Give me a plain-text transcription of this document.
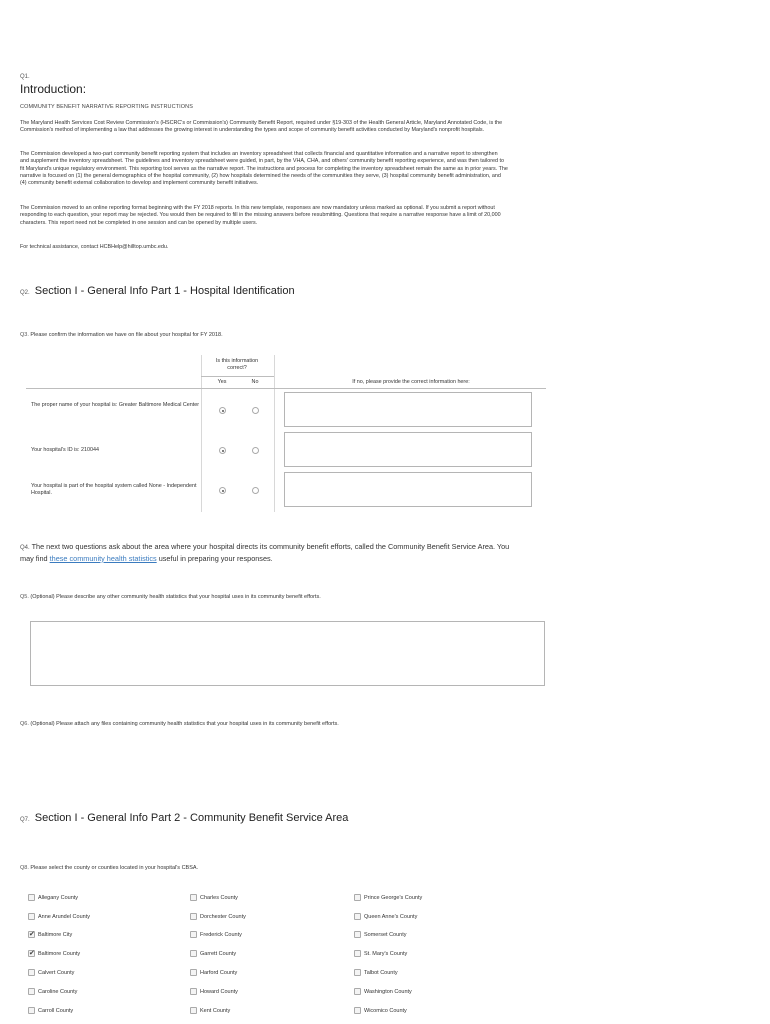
Q1.
Introduction:
COMMUNITY BENEFIT NARRATIVE REPORTING INSTRUCTIONS
The Maryland Health Services Cost Review Commission's (HSCRC's or Commission's) Community Benefit Report, required under §19-303 of the Health General Article, Maryland Annotated Code, is the Commission's method of implementing a law that addresses the growing interest in understanding the types and scope of community benefit activities conducted by Maryland's nonprofit hospitals.
The Commission developed a two-part community benefit reporting system that includes an inventory spreadsheet that collects financial and quantitative information and a narrative report to strengthen and supplement the inventory spreadsheet. The guidelines and inventory spreadsheet were guided, in part, by the VHA, CHA, and others' community benefit reporting experience, and was then tailored to fit Maryland's unique regulatory environment. This reporting tool serves as the narrative report. The instructions and process for completing the inventory spreadsheet remain the same as in prior years. The narrative is focused on (1) the general demographics of the hospital community, (2) how hospitals determined the needs of the communities they serve, (3) hospital community benefit administration, and (4) community benefit external collaboration to develop and implement community benefit initiatives.
The Commission moved to an online reporting format beginning with the FY 2018 reports. In this new template, responses are now mandatory unless marked as optional. If you submit a report without responding to each question, your report may be rejected. You would then be required to fill in the missing answers before resubmitting. Questions that require a narrative response have a limit of 20,000 characters. This report need not be completed in one session and can be opened by multiple users.
For technical assistance, contact HCBHelp@hilltop.umbc.edu.
Q2. Section I - General Info Part 1 - Hospital Identification
Q3. Please confirm the information we have on file about your hospital for FY 2018.
Is this information correct?
Yes	No	If no, please provide the correct information here:
The proper name of your hospital is: Greater Baltimore Medical Center
Your hospital's ID is: 210044
Your hospital is part of the hospital system called None - Independent Hospital.
Q4. The next two questions ask about the area where your hospital directs its community benefit efforts, called the Community Benefit Service Area. You may find these community health statistics useful in preparing your responses.
Q5. (Optional) Please describe any other community health statistics that your hospital uses in its community benefit efforts.
Q6. (Optional) Please attach any files containing community health statistics that your hospital uses in its community benefit efforts.
Q7. Section I - General Info Part 2 - Community Benefit Service Area
Q8. Please select the county or counties located in your hospital's CBSA.
Allegany County
Anne Arundel County
✔
Baltimore City
✔
Baltimore County
Calvert County
Caroline County
Carroll County
Charles County
Dorchester County
Frederick County
Garrett County
Harford County
Howard County
Kent County
Prince George's County
Queen Anne's County
Somerset County
St. Mary's County
Talbot County
Washington County
Wicomico County
